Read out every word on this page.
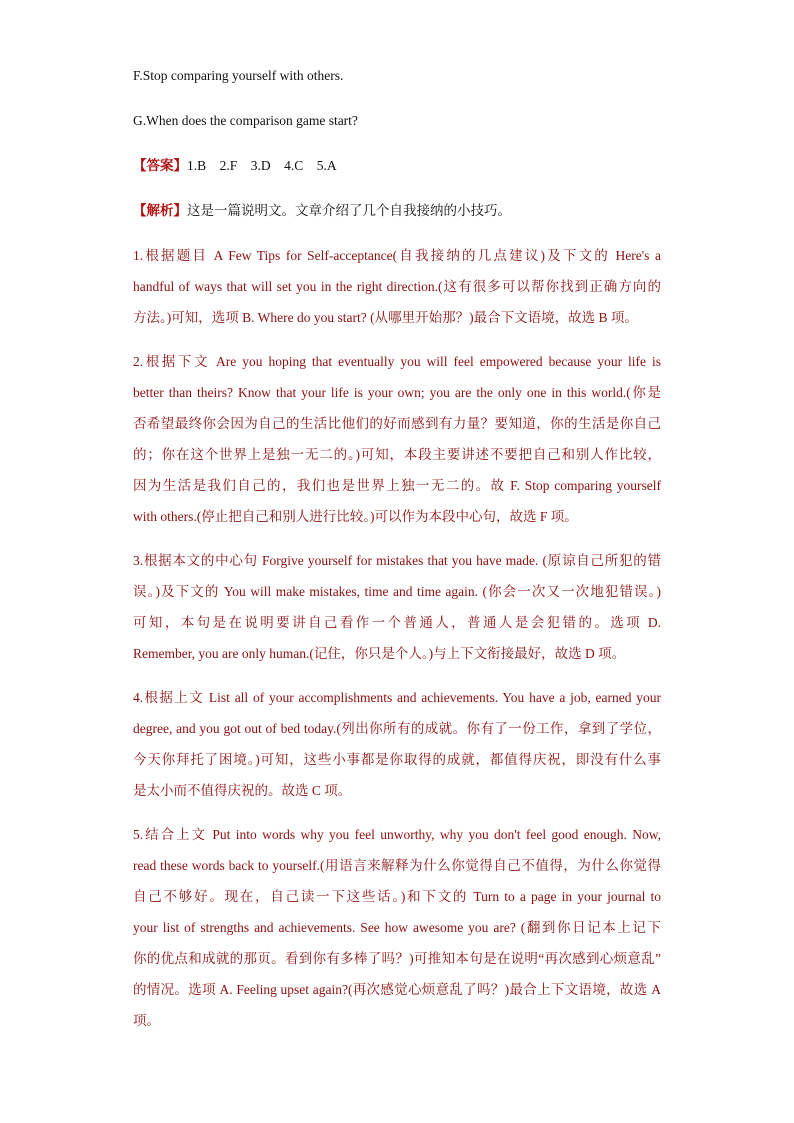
F.Stop comparing yourself with others.
G.When does the comparison game start?
【答案】1.B    2.F    3.D    4.C    5.A
【解析】这是一篇说明文。文章介绍了几个自我接纳的小技巧。
1.根据题目 A Few Tips for Self-acceptance(自我接纳的几点建议)及下文的 Here's a
handful of ways that will set you in the right direction.(这有很多可以帮你找到正确方向的
方法。)可知，选项 B. Where do you start? (从哪里开始那？)最合下文语境，故选 B 项。
2.根据下文 Are you hoping that eventually you will feel empowered because your life is
better than theirs? Know that your life is your own; you are the only one in this world.(你是
否希望最终你会因为自己的生活比他们的好而感到有力量？要知道，你的生活是你自己
的；你在这个世界上是独一无二的。)可知，本段主要讲述不要把自己和别人作比较，
因为生活是我们自己的，我们也是世界上独一无二的。故 F. Stop comparing yourself
with others.(停止把自己和别人进行比较。)可以作为本段中心句，故选 F 项。
3.根据本文的中心句 Forgive yourself for mistakes that you have made. (原谅自己所犯的错
误。)及下文的 You will make mistakes, time and time again. (你会一次又一次地犯错误。)
可知，本句是在说明要讲自己看作一个普通人，普通人是会犯错的。选项 D.
Remember, you are only human.(记住，你只是个人。)与上下文衔接最好，故选 D 项。
4.根据上文 List all of your accomplishments and achievements. You have a job, earned your
degree, and you got out of bed today.(列出你所有的成就。你有了一份工作，拿到了学位，
今天你拜托了困境。)可知，这些小事都是你取得的成就，都值得庆祝，即没有什么事
是太小而不值得庆祝的。故选 C 项。
5.结合上文 Put into words why you feel unworthy, why you don't feel good enough. Now,
read these words back to yourself.(用语言来解释为什么你觉得自己不值得，为什么你觉得
自己不够好。现在，自己读一下这些话。)和下文的 Turn to a page in your journal to
your list of strengths and achievements. See how awesome you are? (翻到你日记本上记下
你的优点和成就的那页。看到你有多棒了吗？)可推知本句是在说明“再次感到心烦意乱”
的情况。选项 A. Feeling upset again?(再次感觉心烦意乱了吗？)最合上下文语境，故选 A
项。
